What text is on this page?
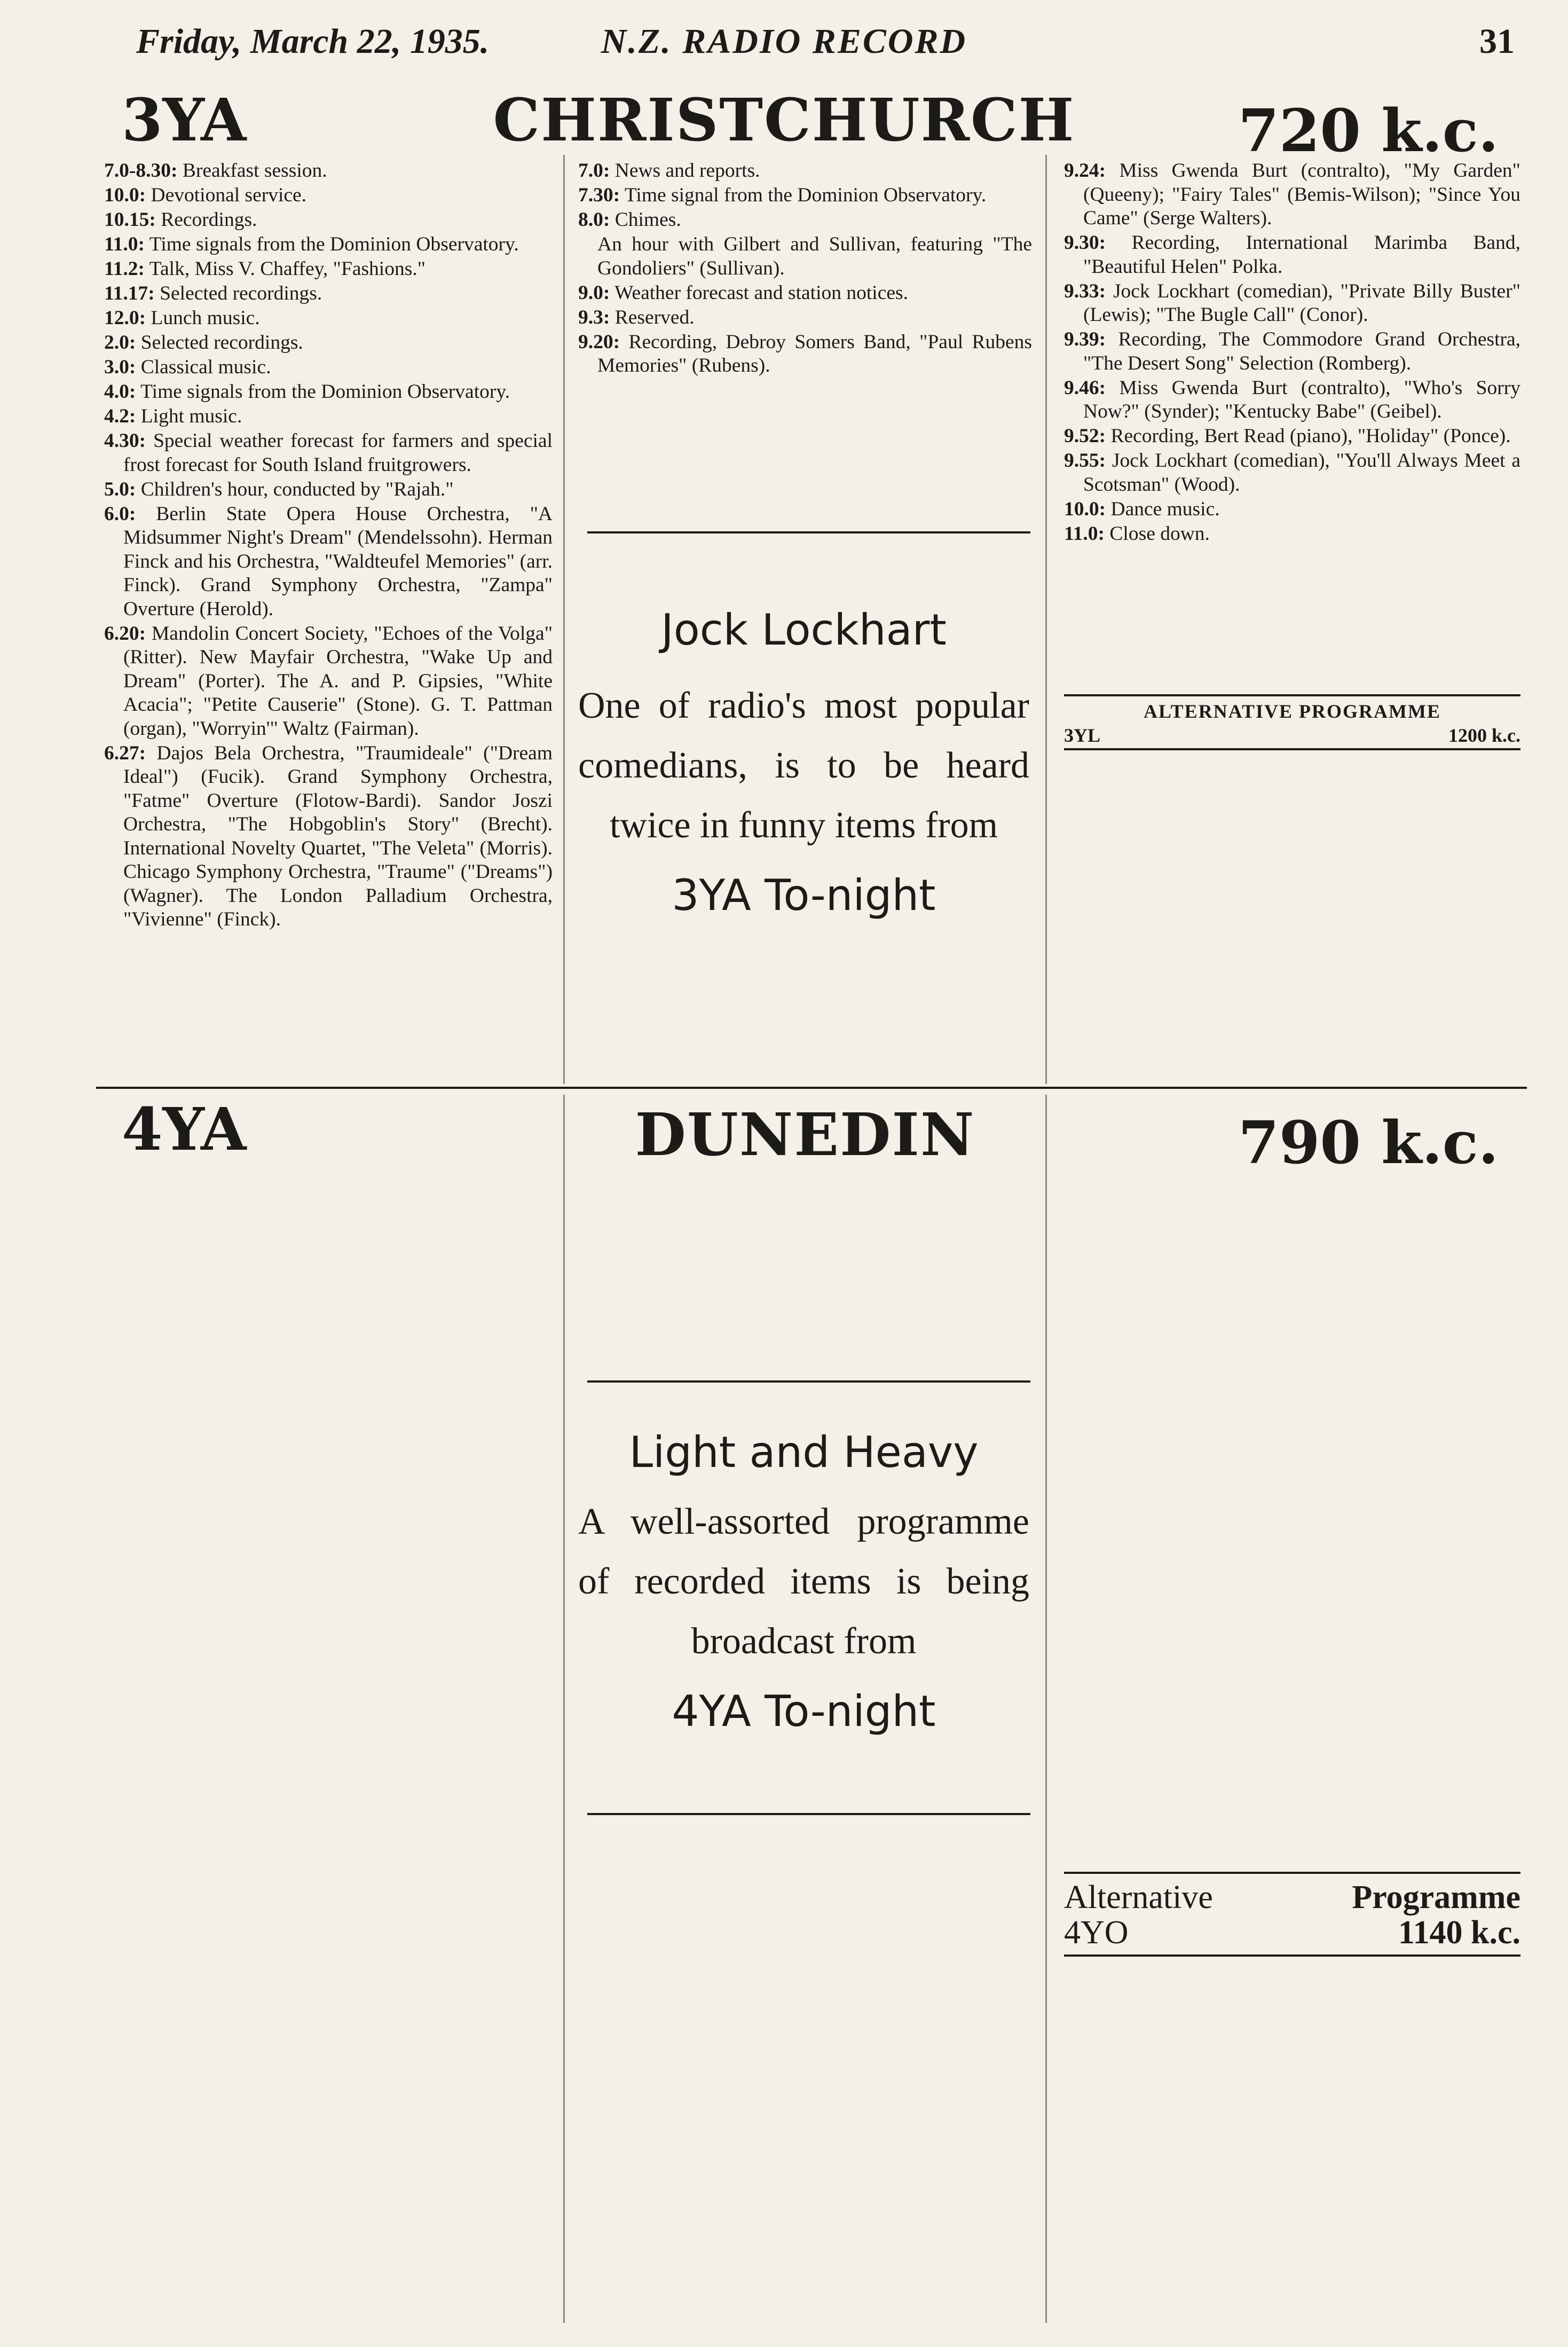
Friday, March 22, 1935.	N.Z. RADIO RECORD	31
3YA	CHRISTCHURCH	720 k.c.
7.0-8.30: Breakfast session.
10.0: Devotional service.
10.15: Recordings.
11.0: Time signals from the Dominion Observatory.
11.2: Talk, Miss V. Chaffey, "Fashions."
11.17: Selected recordings.
12.0: Lunch music.
2.0: Selected recordings.
3.0: Classical music.
4.0: Time signals from the Dominion Observatory.
4.2: Light music.
4.30: Special weather forecast for farmers and special frost forecast for South Island fruitgrowers.
5.0: Children's hour, conducted by "Rajah."
6.0: Berlin State Opera House Orchestra, "A Midsummer Night's Dream" (Mendelssohn). Herman Finck and his Orchestra, "Waldteufel Memories" (arr. Finck). Grand Symphony Orchestra, "Zampa" Overture (Herold).
6.20: Mandolin Concert Society, "Echoes of the Volga" (Ritter). New Mayfair Orchestra, "Wake Up and Dream" (Porter). The A. and P. Gipsies, "White Acacia"; "Petite Causerie" (Stone). G. T. Pattman (organ), "Worryin'" Waltz (Fairman).
6.27: Dajos Bela Orchestra, "Traumideale" ("Dream Ideal") (Fucik). Grand Symphony Orchestra, "Fatme" Overture (Flotow-Bardi). Sandor Joszi Orchestra, "The Hobgoblin's Story" (Brecht). International Novelty Quartet, "The Veleta" (Morris). Chicago Symphony Orchestra, "Traume" ("Dreams") (Wagner). The London Palladium Orchestra, "Vivienne" (Finck).
7.0: News and reports.
7.30: Time signal from the Dominion Observatory.
8.0: Chimes.
An hour with Gilbert and Sullivan, featuring "The Gondoliers" (Sullivan).
9.0: Weather forecast and station notices.
9.3: Reserved.
9.20: Recording, Debroy Somers Band, "Paul Rubens Memories" (Rubens).
Jock Lockhart
One of radio's most popular comedians, is to be heard twice in funny items from
3YA To-night
9.24: Miss Gwenda Burt (contralto), "My Garden" (Queeny); "Fairy Tales" (Bemis-Wilson); "Since You Came" (Serge Walters).
9.30: Recording, International Marimba Band, "Beautiful Helen" Polka.
9.33: Jock Lockhart (comedian), "Private Billy Buster" (Lewis); "The Bugle Call" (Conor).
9.39: Recording, The Commodore Grand Orchestra, "The Desert Song" Selection (Romberg).
9.46: Miss Gwenda Burt (contralto), "Who's Sorry Now?" (Synder); "Kentucky Babe" (Geibel).
9.52: Recording, Bert Read (piano), "Holiday" (Ponce).
9.55: Jock Lockhart (comedian), "You'll Always Meet a Scotsman" (Wood).
10.0: Dance music.
11.0: Close down.
ALTERNATIVE PROGRAMME
3YL	1200 k.c.
4YA	DUNEDIN	790 k.c.
Light and Heavy
A well-assorted programme of recorded items is being broadcast from
4YA To-night
Alternative	Programme
4YO	1140 k.c.
